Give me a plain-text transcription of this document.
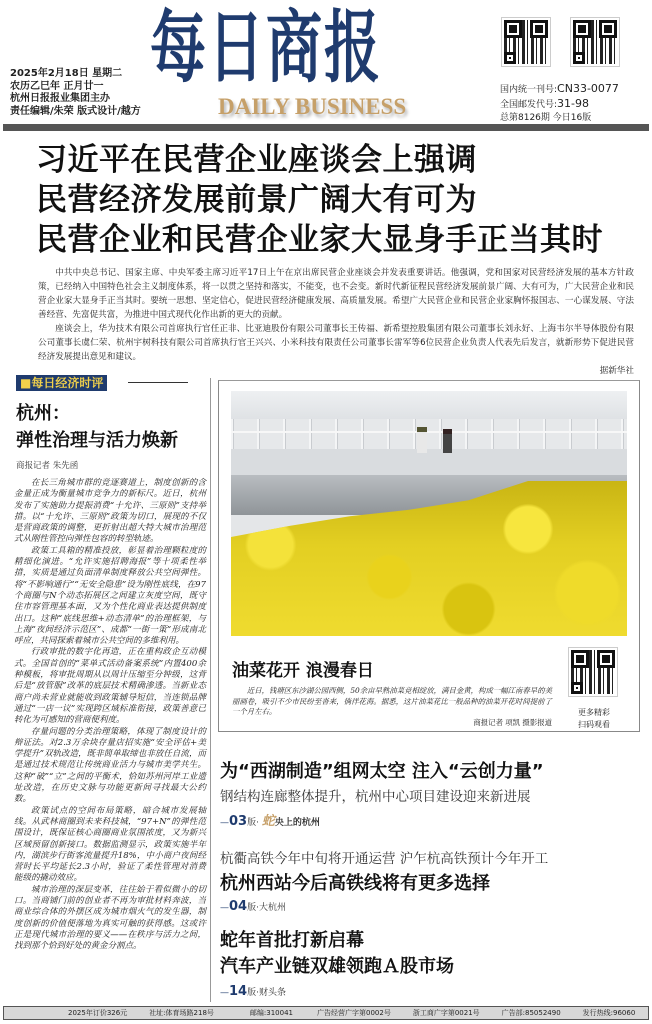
2025年2月18日 星期二
农历乙巳年 正月廿一
杭州日报报业集团主办
责任编辑/朱荣 版式设计/越方
每日商报
DAILY BUSINESS
国内统一刊号:CN33-0077
全国邮发代号:31-98
总第8126期 今日16版
习近平在民营企业座谈会上强调
民营经济发展前景广阔大有可为
民营企业和民营企业家大显身手正当其时

中共中央总书记、国家主席、中央军委主席习近平17日上午在京出席民营企业座谈会并发表重要讲话。他强调，党和国家对民营经济发展的基本方针政策，已经纳入中国特色社会主义制度体系，将一以贯之坚持和落实，不能变，也不会变。新时代新征程民营经济发展前景广阔、大有可为，广大民营企业和民营企业家大显身手正当其时。要统一思想、坚定信心，促进民营经济健康发展、高质量发展。希望广大民营企业和民营企业家胸怀报国志、一心谋发展、守法善经营、先富促共富，为推进中国式现代化作出新的更大的贡献。

座谈会上，华为技术有限公司首席执行官任正非、比亚迪股份有限公司董事长王传福、新希望控股集团有限公司董事长刘永好、上海韦尔半导体股份有限公司董事长虞仁荣、杭州宇树科技有限公司首席执行官王兴兴、小米科技有限责任公司董事长雷军等6位民营企业负责人代表先后发言，就新形势下促进民营经济发展提出意见和建议。

据新华社
■每日经济时评
杭州：
弹性治理与活力焕新
商报记者 朱先函

在长三角城市群的竞逐赛道上，制度创新的含金量正成为衡量城市竞争力的新标尺。近日，杭州发布了实施助力提振消费“十允许、三原则”支持举措。以“十允许、三原则”政策为切口，展现的不仅是营商政策的调整，更折射出超大特大城市治理范式从刚性管控向弹性包容的转型轨迹。

政策工具箱的精准投放，彰显着治理颗粒度的精细化演进。“允许实施招聘海报”等十项柔性举措，实质是通过负面清单制度释放公共空间弹性。将“不影响通行”“无安全隐患”设为刚性底线，在97个商圈与N个动态拓展区之间建立灰度空间，既守住市容管理基本面，又为个性化商业表达提供制度出口。这种“底线思维+动态清单”的治理框架，与上海“夜间经济示范区”、成都“一街一策”形成南北呼应，共同探索着城市公共空间的多维利用。

行政审批的数字化再造，正在重构政企互动模式。全国首创的“菜单式活动备案系统”内置400余种模板，将审批周期从以周计压缩至分钟级，这背后是“放管服”改革的底层技术精确渗透。当新业态商户尚未营业就能收到政策辅导短信，当连锁品牌通过“一店一议”实现跨区域标准衔接，政策善意已转化为可感知的营商便利度。

存量问题的分类治理策略，体现了制度设计的辩证法。对2.3万余块存量店招实施“安全评估+美学提升”双轨改造，既非简单取缔也非放任自流，而是通过技术规范让传统商业活力与城市美学共生。这种“破”“立”之间的平衡术，恰如苏州河岸工业遗址改造，在历史文脉与功能更新间寻找最大公约数。

政策试点的空间布局策略，暗合城市发展轴线。从武林商圈到未来科技城，“97+N”的弹性范围设计，既保证核心商圈商业氛围浓度，又为新兴区域预留创新接口。数据监测显示，政策实施半年内，湖滨步行街客流量提升18%，中小商户夜间经营时长平均延长2.3小时，验证了柔性管理对消费能级的撬动效应。

城市治理的深层变革，往往始于看似微小的切口。当商铺门前的创业者不再为审批材料奔波，当商业综合体的外摆区成为城市烟火气的发生器，制度创新的价值便落地为真实可触的获得感。这或许正是现代城市治理的要义——在秩序与活力之间，找到那个恰到好处的黄金分割点。

油菜花开 浪漫春日

近日，钱塘区东沙湖公园西侧，50余亩早熟油菜竞相绽放，满目金黄，构成一幅江南春早的美丽画卷，吸引不少市民纷至沓来，徜徉花海。据悉，这片油菜花比一般品种的油菜开花时间提前了一个月左右。

商报记者 项凯 摄影报道
更多精彩
扫码观看
为“西湖制造”组网太空 注入“云创力量”
钢结构连廊整体提升，杭州中心项目建设迎来新进展
—03版· 蛇央上的杭州
杭衢高铁今年中旬将开通运营 沪乍杭高铁预计今年开工
杭州西站今后高铁线将有更多选择
—04版·大杭州
蛇年首批打新启幕
汽车产业链双雄领跑Ａ股市场
—14版·财头条
2025年订价326元	社址:体育场路218号	邮编:310041	广告经营广字第0002号	浙工商广字第0021号	广告部:85052490	发行热线:96060
